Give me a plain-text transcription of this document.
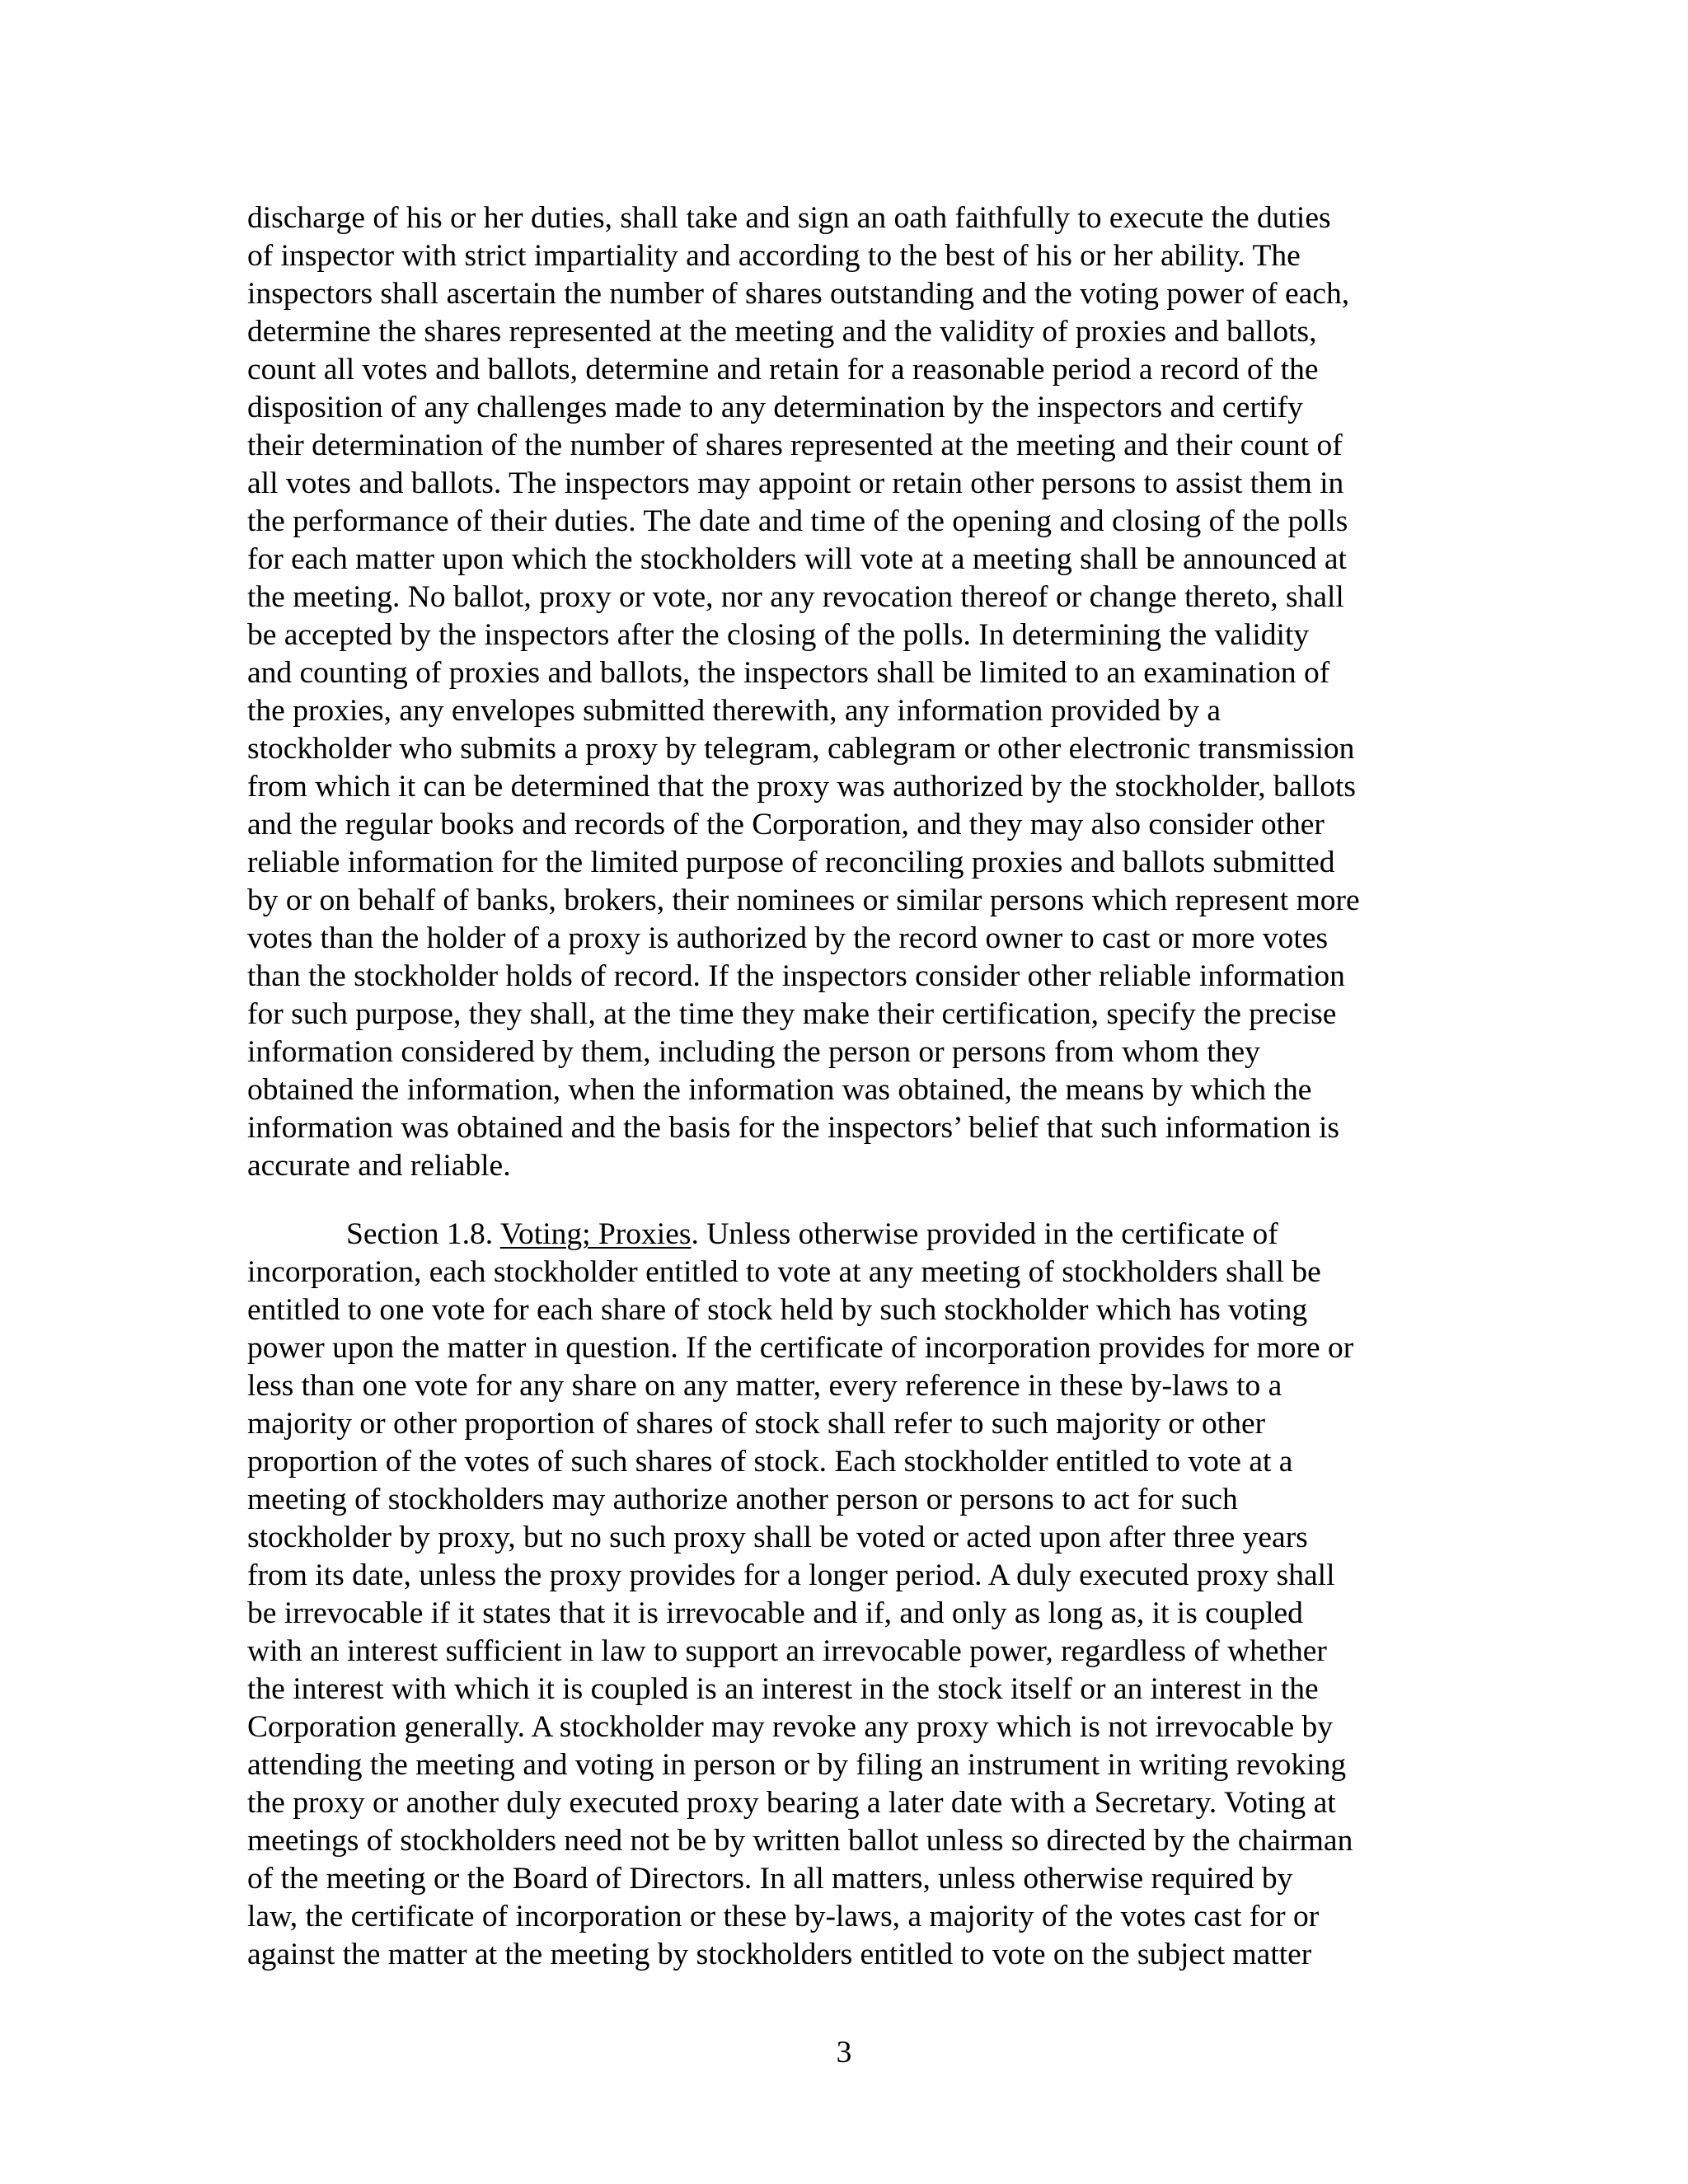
discharge of his or her duties, shall take and sign an oath faithfully to execute the duties
of inspector with strict impartiality and according to the best of his or her ability. The
inspectors shall ascertain the number of shares outstanding and the voting power of each,
determine the shares represented at the meeting and the validity of proxies and ballots,
count all votes and ballots, determine and retain for a reasonable period a record of the
disposition of any challenges made to any determination by the inspectors and certify
their determination of the number of shares represented at the meeting and their count of
all votes and ballots. The inspectors may appoint or retain other persons to assist them in
the performance of their duties. The date and time of the opening and closing of the polls
for each matter upon which the stockholders will vote at a meeting shall be announced at
the meeting. No ballot, proxy or vote, nor any revocation thereof or change thereto, shall
be accepted by the inspectors after the closing of the polls. In determining the validity
and counting of proxies and ballots, the inspectors shall be limited to an examination of
the proxies, any envelopes submitted therewith, any information provided by a
stockholder who submits a proxy by telegram, cablegram or other electronic transmission
from which it can be determined that the proxy was authorized by the stockholder, ballots
and the regular books and records of the Corporation, and they may also consider other
reliable information for the limited purpose of reconciling proxies and ballots submitted
by or on behalf of banks, brokers, their nominees or similar persons which represent more
votes than the holder of a proxy is authorized by the record owner to cast or more votes
than the stockholder holds of record. If the inspectors consider other reliable information
for such purpose, they shall, at the time they make their certification, specify the precise
information considered by them, including the person or persons from whom they
obtained the information, when the information was obtained, the means by which the
information was obtained and the basis for the inspectors’ belief that such information is
accurate and reliable.
Section 1.8. Voting; Proxies. Unless otherwise provided in the certificate of
incorporation, each stockholder entitled to vote at any meeting of stockholders shall be
entitled to one vote for each share of stock held by such stockholder which has voting
power upon the matter in question. If the certificate of incorporation provides for more or
less than one vote for any share on any matter, every reference in these by-laws to a
majority or other proportion of shares of stock shall refer to such majority or other
proportion of the votes of such shares of stock. Each stockholder entitled to vote at a
meeting of stockholders may authorize another person or persons to act for such
stockholder by proxy, but no such proxy shall be voted or acted upon after three years
from its date, unless the proxy provides for a longer period. A duly executed proxy shall
be irrevocable if it states that it is irrevocable and if, and only as long as, it is coupled
with an interest sufficient in law to support an irrevocable power, regardless of whether
the interest with which it is coupled is an interest in the stock itself or an interest in the
Corporation generally. A stockholder may revoke any proxy which is not irrevocable by
attending the meeting and voting in person or by filing an instrument in writing revoking
the proxy or another duly executed proxy bearing a later date with a Secretary. Voting at
meetings of stockholders need not be by written ballot unless so directed by the chairman
of the meeting or the Board of Directors. In all matters, unless otherwise required by
law, the certificate of incorporation or these by-laws, a majority of the votes cast for or
against the matter at the meeting by stockholders entitled to vote on the subject matter
3
